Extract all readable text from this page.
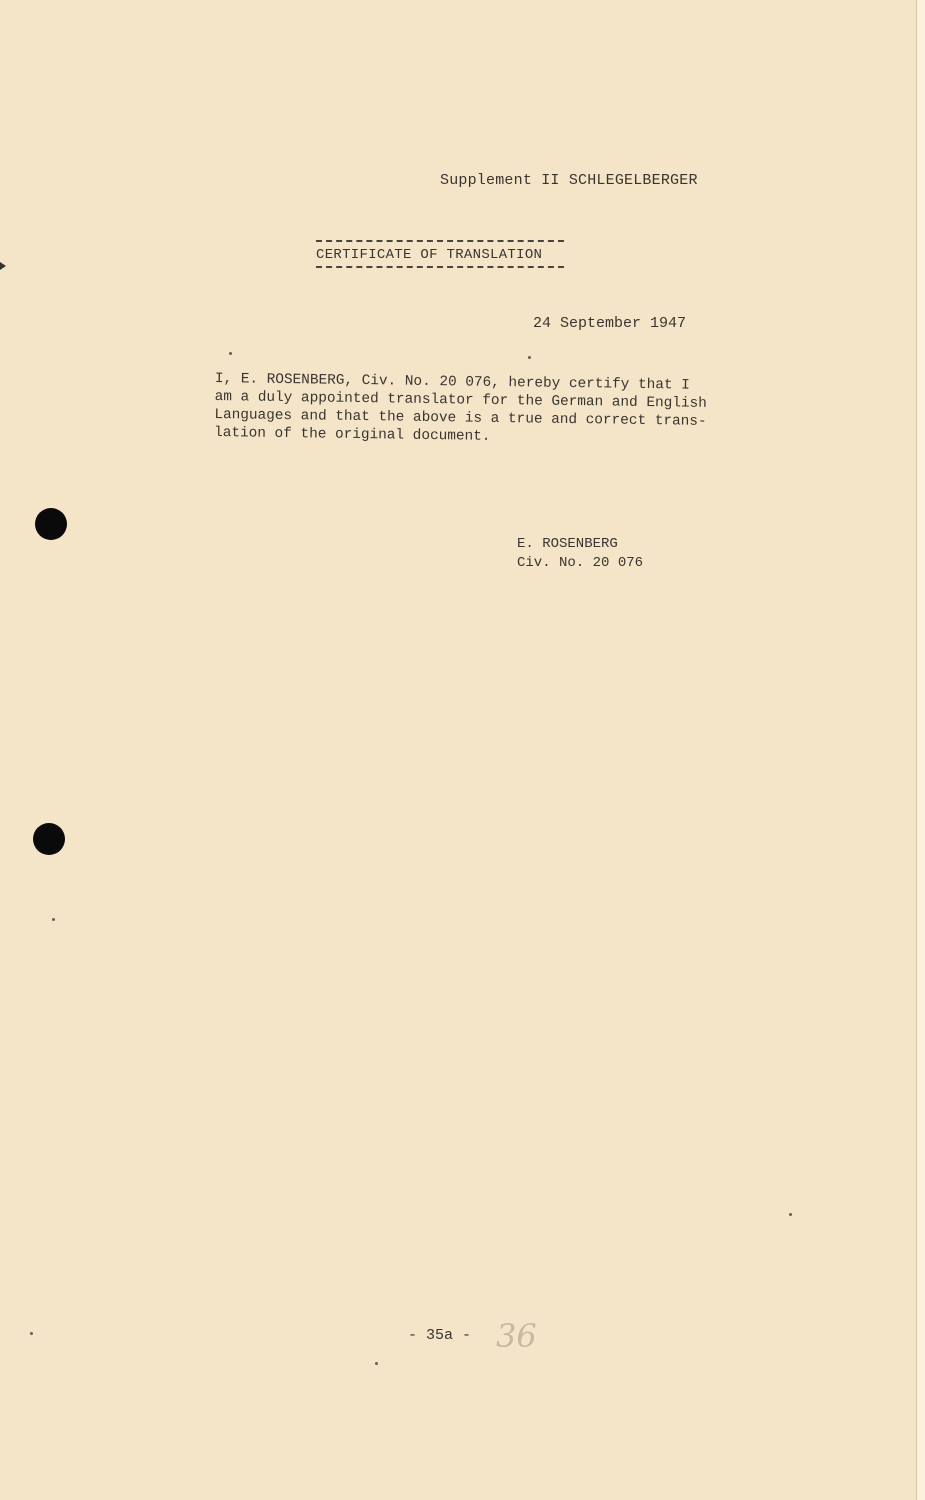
Supplement II SCHLEGELBERGER
CERTIFICATE OF TRANSLATION
24 September 1947
I, E. ROSENBERG, Civ. No. 20 076, hereby certify that I
am a duly appointed translator for the German and English
Languages and that the above is a true and correct trans-
lation of the original document.
E. ROSENBERG
Civ. No. 20 076
- 35a - 36
